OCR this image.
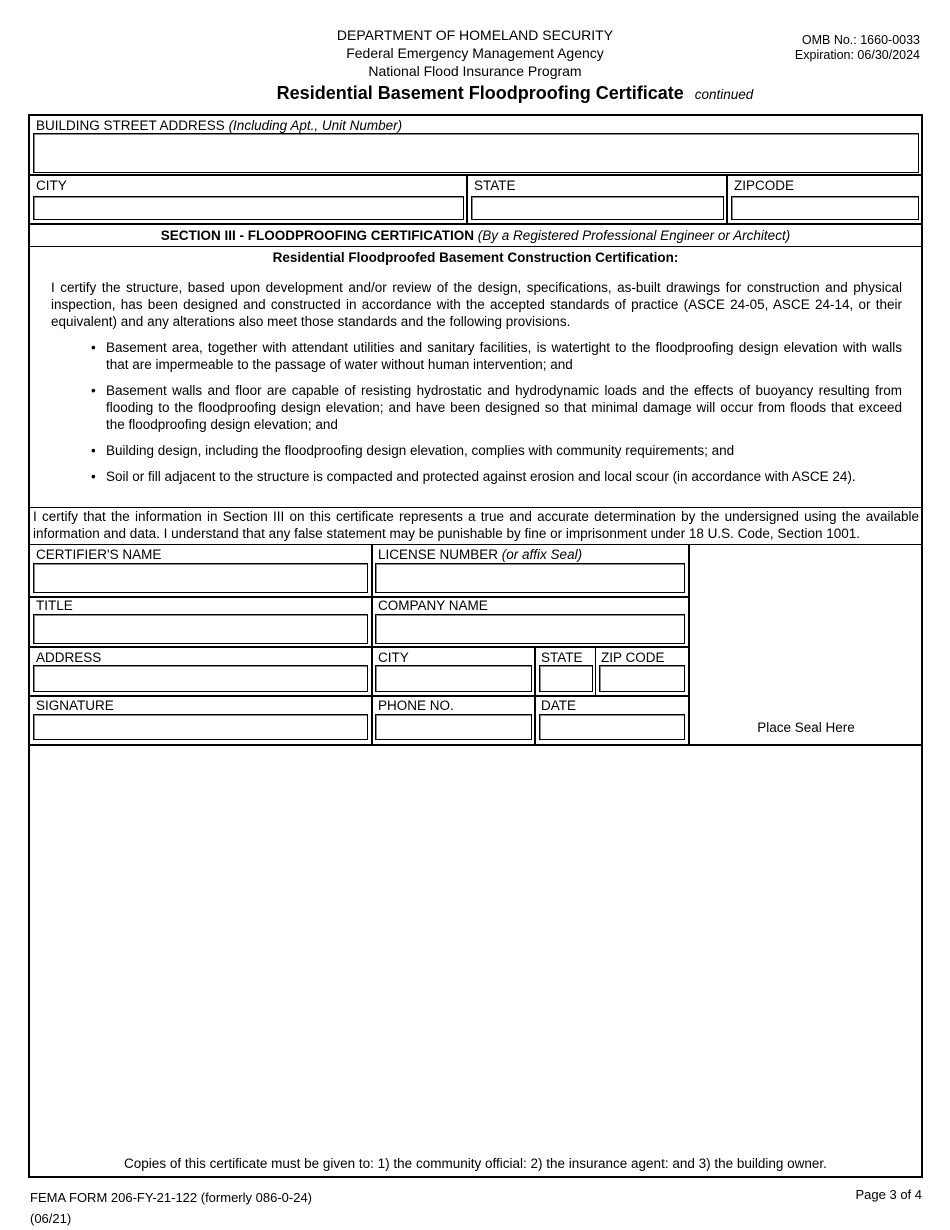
DEPARTMENT OF HOMELAND SECURITY
Federal Emergency Management Agency
National Flood Insurance Program
OMB No.: 1660-0033
Expiration: 06/30/2024
Residential Basement Floodproofing Certificate continued
BUILDING STREET ADDRESS (Including Apt., Unit Number)
CITY	STATE	ZIPCODE
SECTION III - FLOODPROOFING CERTIFICATION (By a Registered Professional Engineer or Architect)
Residential Floodproofed Basement Construction Certification:

I certify the structure, based upon development and/or review of the design, specifications, as-built drawings for construction and physical inspection, has been designed and constructed in accordance with the accepted standards of practice (ASCE 24-05, ASCE 24-14, or their equivalent) and any alterations also meet those standards and the following provisions.

• Basement area, together with attendant utilities and sanitary facilities, is watertight to the floodproofing design elevation with walls that are impermeable to the passage of water without human intervention; and
• Basement walls and floor are capable of resisting hydrostatic and hydrodynamic loads and the effects of buoyancy resulting from flooding to the floodproofing design elevation; and have been designed so that minimal damage will occur from floods that exceed the floodproofing design elevation; and
• Building design, including the floodproofing design elevation, complies with community requirements; and
• Soil or fill adjacent to the structure is compacted and protected against erosion and local scour (in accordance with ASCE 24).
I certify that the information in Section III on this certificate represents a true and accurate determination by the undersigned using the available information and data. I understand that any false statement may be punishable by fine or imprisonment under 18 U.S. Code, Section 1001.
CERTIFIER'S NAME	LICENSE NUMBER (or affix Seal)
TITLE	COMPANY NAME
ADDRESS	CITY	STATE ZIP CODE
SIGNATURE	PHONE NO.	DATE
Place Seal Here
Copies of this certificate must be given to: 1) the community official: 2) the insurance agent: and 3) the building owner.
FEMA FORM 206-FY-21-122 (formerly 086-0-24)
(06/21)
Page 3 of 4
